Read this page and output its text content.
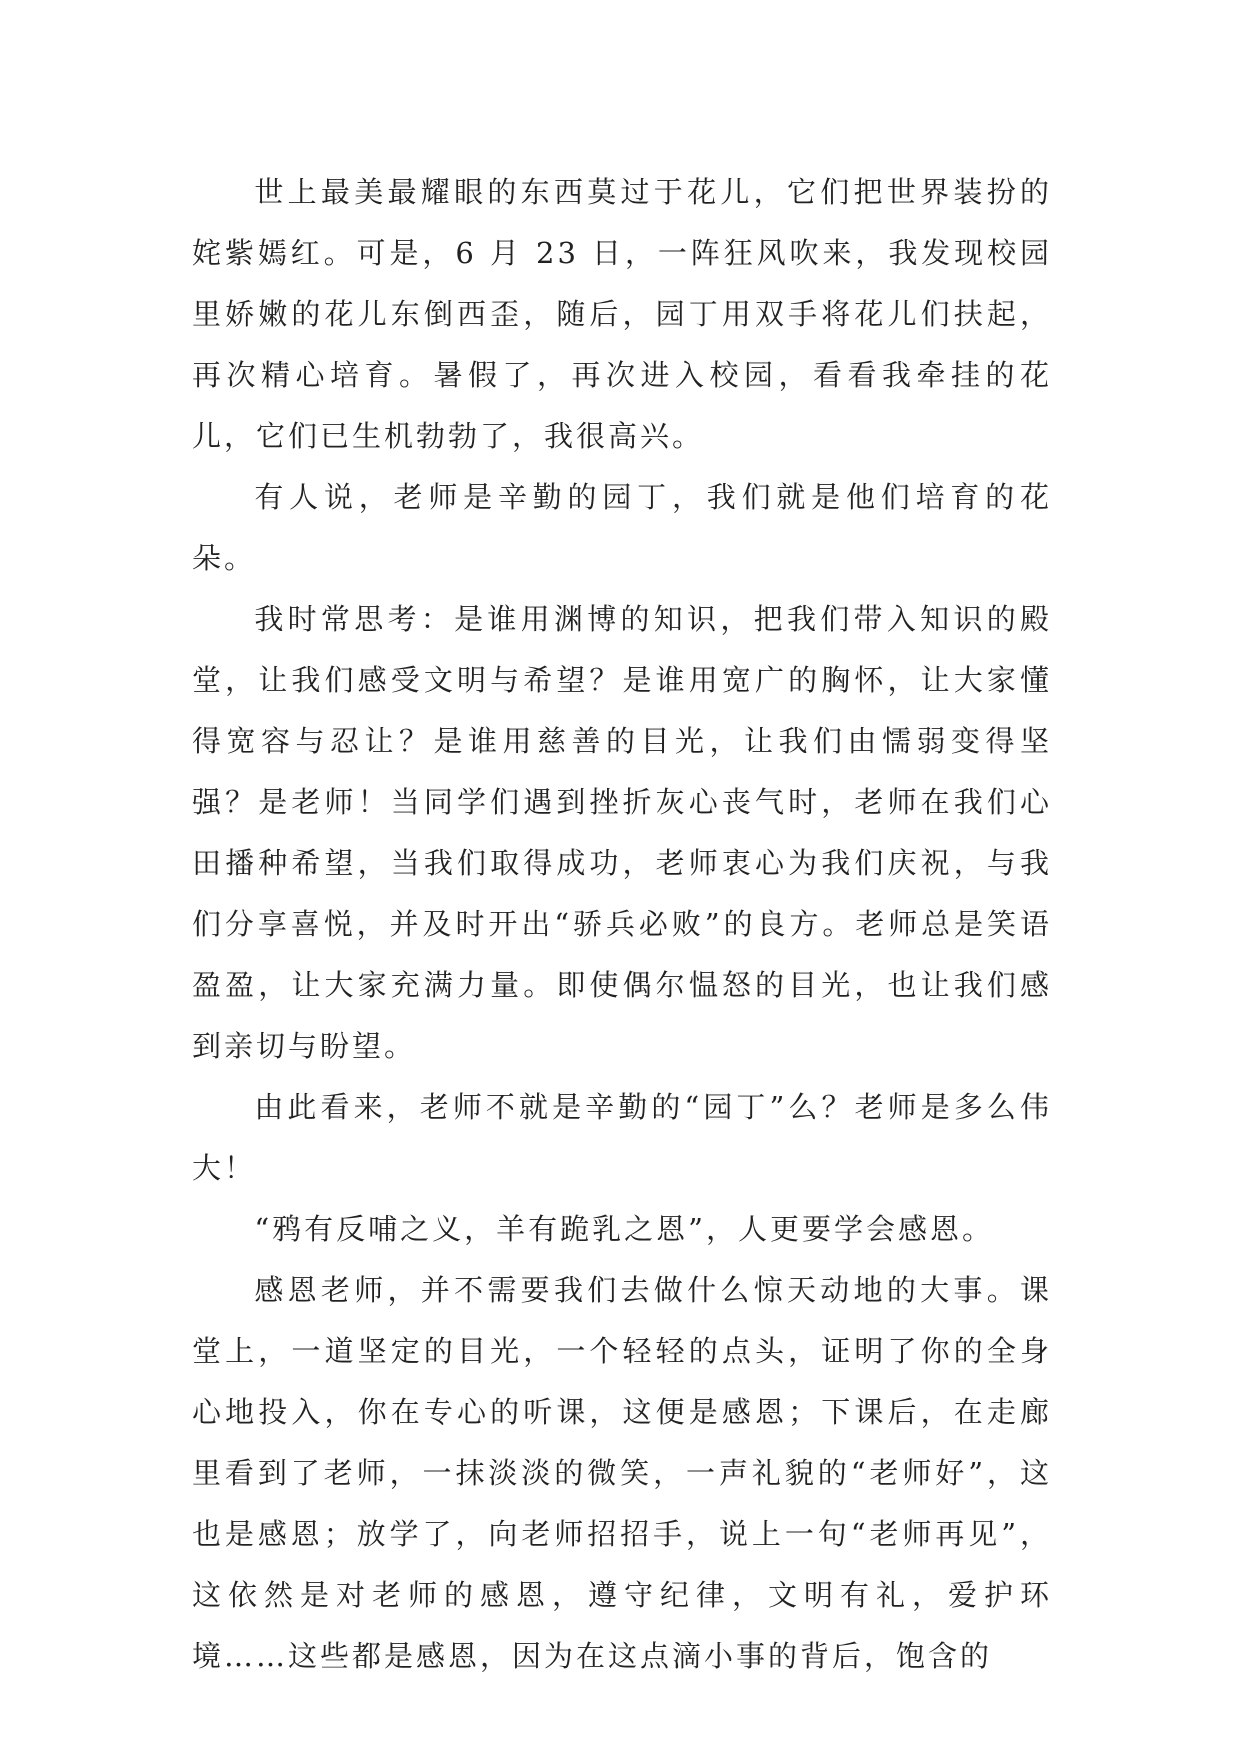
世上最美最耀眼的东西莫过于花儿，它们把世界装扮的姹紫嫣红。可是，6 月 23 日，一阵狂风吹来，我发现校园里娇嫩的花儿东倒西歪，随后，园丁用双手将花儿们扶起，再次精心培育。暑假了，再次进入校园，看看我牵挂的花儿，它们已生机勃勃了，我很高兴。

有人说，老师是辛勤的园丁，我们就是他们培育的花朵。

我时常思考：是谁用渊博的知识，把我们带入知识的殿堂，让我们感受文明与希望？是谁用宽广的胸怀，让大家懂得宽容与忍让？是谁用慈善的目光，让我们由懦弱变得坚强？是老师！当同学们遇到挫折灰心丧气时，老师在我们心田播种希望，当我们取得成功，老师衷心为我们庆祝，与我们分享喜悦，并及时开出“骄兵必败”的良方。老师总是笑语盈盈，让大家充满力量。即使偶尔愠怒的目光，也让我们感到亲切与盼望。

由此看来，老师不就是辛勤的“园丁”么？老师是多么伟大！

“鸦有反哺之义，羊有跪乳之恩”，人更要学会感恩。

感恩老师，并不需要我们去做什么惊天动地的大事。课堂上，一道坚定的目光，一个轻轻的点头，证明了你的全身心地投入，你在专心的听课，这便是感恩；下课后，在走廊里看到了老师，一抹淡淡的微笑，一声礼貌的“老师好”，这也是感恩；放学了，向老师招招手，说上一句“老师再见”，这依然是对老师的感恩，遵守纪律，文明有礼，爱护环境……这些都是感恩，因为在这点滴小事的背后，饱含的
